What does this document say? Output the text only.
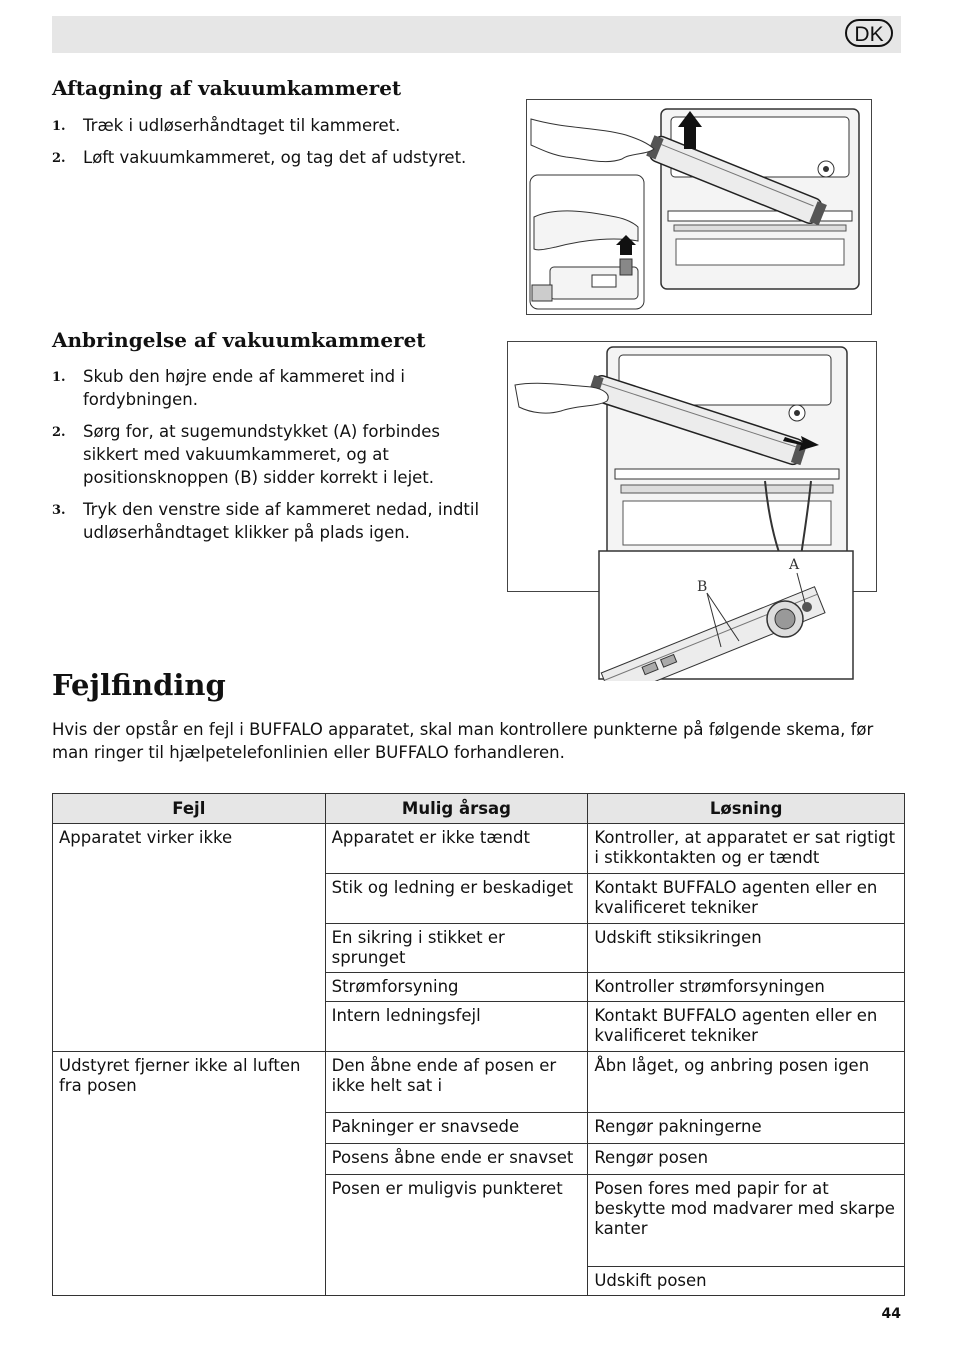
DK
Aftagning af vakuumkammeret
1. Træk i udløserhåndtaget til kammeret.
2. Løft vakuumkammeret, og tag det af udstyret.
Anbringelse af vakuumkammeret
1. Skub den højre ende af kammeret ind i fordybningen.
2. Sørg for, at sugemundstykket (A) forbindes sikkert med vakuumkammeret, og at positionsknoppen (B) sidder korrekt i lejet.
3. Tryk den venstre side af kammeret nedad, indtil udløserhåndtaget klikker på plads igen.
B
A
Fejlfinding

Hvis der opstår en fejl i BUFFALO apparatet, skal man kontrollere punkterne på følgende skema, før man ringer til hjælpetelefonlinien eller BUFFALO forhandleren.

Fejl	Mulig årsag	Løsning
Apparatet virker ikke	Apparatet er ikke tændt	Kontroller, at apparatet er sat rigtigt i stikkontakten og er tændt
	Stik og ledning er beskadiget	Kontakt BUFFALO agenten eller en kvalificeret tekniker
	En sikring i stikket er sprunget	Udskift stiksikringen
	Strømforsyning	Kontroller strømforsyningen
	Intern ledningsfejl	Kontakt BUFFALO agenten eller en kvalificeret tekniker
Udstyret fjerner ikke al luften fra posen	Den åbne ende af posen er ikke helt sat i	Åbn låget, og anbring posen igen
	Pakninger er snavsede	Rengør pakningerne
	Posens åbne ende er snavset	Rengør posen
	Posen er muligvis punkteret	Posen fores med papir for at beskytte mod madvarer med skarpe kanter
		Udskift posen
44
